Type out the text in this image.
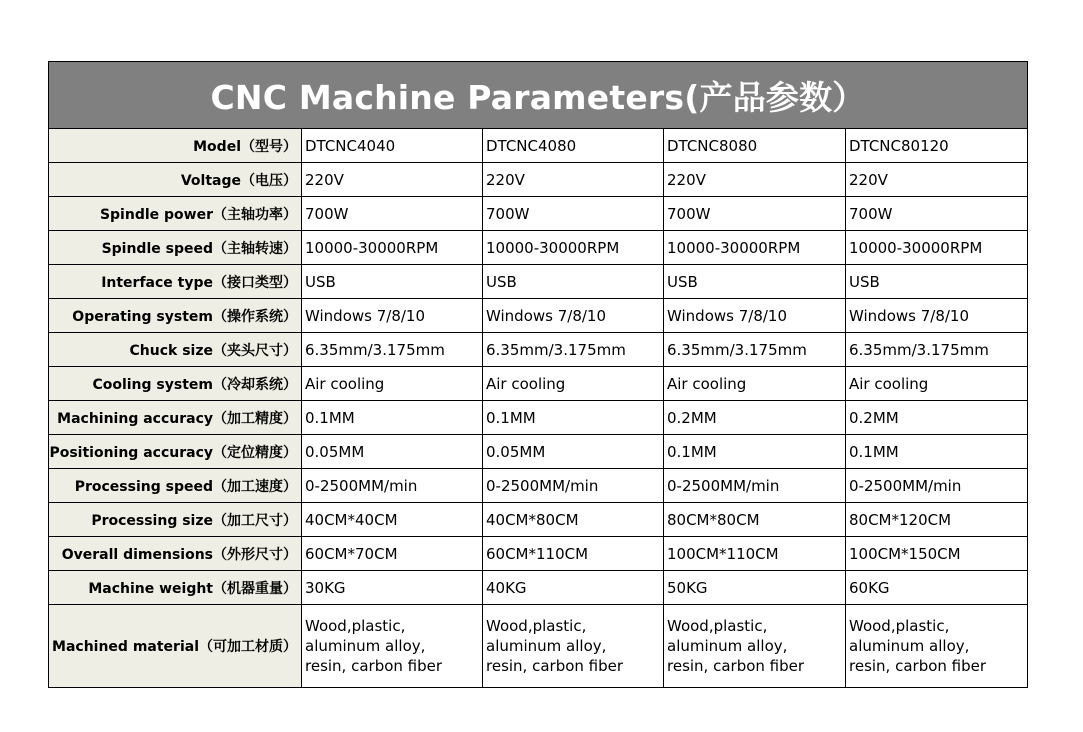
CNC Machine Parameters(产品参数）				
Model（型号）	DTCNC4040	DTCNC4080	DTCNC8080	DTCNC80120
Voltage（电压）	220V	220V	220V	220V
Spindle power（主轴功率）	700W	700W	700W	700W
Spindle speed（主轴转速）	10000-30000RPM	10000-30000RPM	10000-30000RPM	10000-30000RPM
Interface type（接口类型）	USB	USB	USB	USB
Operating system（操作系统）	Windows 7/8/10	Windows 7/8/10	Windows 7/8/10	Windows 7/8/10
Chuck size（夹头尺寸）	6.35mm/3.175mm	6.35mm/3.175mm	6.35mm/3.175mm	6.35mm/3.175mm
Cooling system（冷却系统）	Air cooling	Air cooling	Air cooling	Air cooling
Machining accuracy（加工精度）	0.1MM	0.1MM	0.2MM	0.2MM
Positioning accuracy（定位精度）	0.05MM	0.05MM	0.1MM	0.1MM
Processing speed（加工速度）	0-2500MM/min	0-2500MM/min	0-2500MM/min	0-2500MM/min
Processing size（加工尺寸）	40CM*40CM	40CM*80CM	80CM*80CM	80CM*120CM
Overall dimensions（外形尺寸）	60CM*70CM	60CM*110CM	100CM*110CM	100CM*150CM
Machine weight（机器重量）	30KG	40KG	50KG	60KG
Machined material（可加工材质）	Wood,plastic,
aluminum alloy,
resin, carbon fiber	Wood,plastic,
aluminum alloy,
resin, carbon fiber	Wood,plastic,
aluminum alloy,
resin, carbon fiber	Wood,plastic,
aluminum alloy,
resin, carbon fiber
